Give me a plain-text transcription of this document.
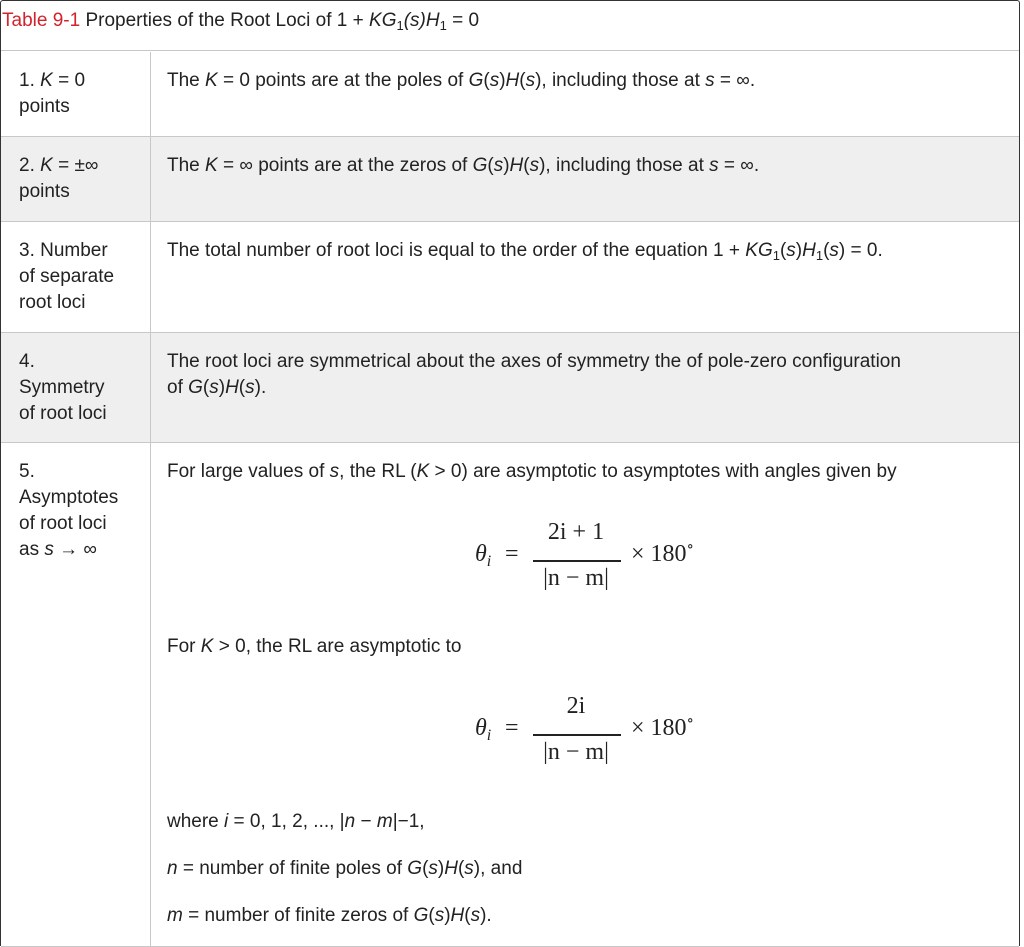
Table 9-1 Properties of the Root Loci of $1 + KG_1(s)H_1 = 0$
1. K = 0
points
The K = 0 points are at the poles of G(s)H(s), including those at s = ∞.
2. K = ±∞
points
The K = ∞ points are at the zeros of G(s)H(s), including those at s = ∞.
3. Number
of separate
root loci
The total number of root loci is equal to the order of the equation $1 + KG_1(s)H_1(s) = 0$.
4.
Symmetry
of root loci
The root loci are symmetrical about the axes of symmetry the of pole-zero configuration
of G(s)H(s).
5.
Asymptotes
of root loci
as s → ∞
For large values of s, the RL (K > 0) are asymptotic to asymptotes with angles given by
$\theta_i$ =
2i + 1
|n − m|
× 180∘
For K > 0, the RL are asymptotic to
$\theta_i$ =
2i
|n − m|
× 180∘
where i = 0, 1, 2, ..., |n − m|−1,
n = number of finite poles of G(s)H(s), and
m = number of finite zeros of G(s)H(s).
